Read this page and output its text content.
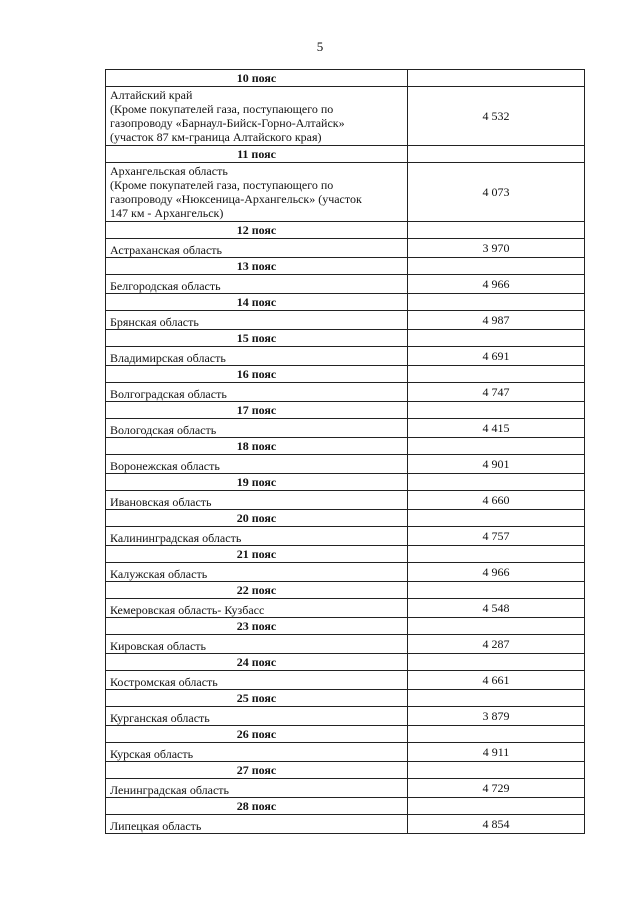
5
10 пояс	

Алтайский край
(Кроме покупателей газа, поступающего по
газопроводу «Барнаул-Бийск-Горно-Алтайск»
(участок 87 км-граница Алтайского края)	4 532
11 пояс	

Архангельская область
(Кроме покупателей газа, поступающего по
газопроводу «Нюксеница-Архангельск» (участок
147 км - Архангельск)	4 073
12 пояс	

Астраханская область	3 970
13 пояс	

Белгородская область	4 966
14 пояс	

Брянская область	4 987
15 пояс	

Владимирская область	4 691
16 пояс	

Волгоградская область	4 747
17 пояс	

Вологодская область	4 415
18 пояс	

Воронежская область	4 901
19 пояс	

Ивановская область	4 660
20 пояс	

Калининградская область	4 757
21 пояс	

Калужская область	4 966
22 пояс	

Кемеровская область- Кузбасс	4 548
23 пояс	

Кировская область	4 287
24 пояс	

Костромская область	4 661
25 пояс	

Курганская область	3 879
26 пояс	

Курская область	4 911
27 пояс	

Ленинградская область	4 729
28 пояс	

Липецкая область	4 854
